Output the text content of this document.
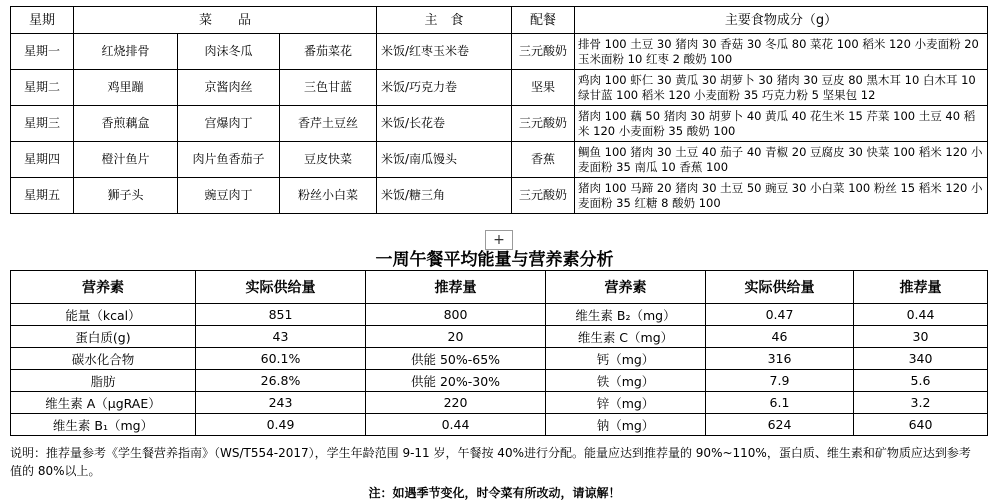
星期	菜　　品			主　食	配餐	主要食物成分（g）
星期一	红烧排骨	肉沫冬瓜	番茄菜花	米饭/红枣玉米卷	三元酸奶	排骨 100 土豆 30 猪肉 30 香菇 30 冬瓜 80 菜花 100 稻米 120 小麦面粉 20 玉米面粉 10 红枣 2 酸奶 100
星期二	鸡里蹦	京酱肉丝	三色甘蓝	米饭/巧克力卷	坚果	鸡肉 100 虾仁 30 黄瓜 30 胡萝卜 30 猪肉 30 豆皮 80 黑木耳 10 白木耳 10 绿甘蓝 100 稻米 120 小麦面粉 35 巧克力粉 5 坚果包 12
星期三	香煎藕盒	宫爆肉丁	香芹土豆丝	米饭/长花卷	三元酸奶	猪肉 100 藕 50 猪肉 30 胡萝卜 40 黄瓜 40 花生米 15 芹菜 100 土豆 40 稻米 120 小麦面粉 35 酸奶 100
星期四	橙汁鱼片	肉片鱼香茄子	豆皮快菜	米饭/南瓜馒头	香蕉	鲷鱼 100 猪肉 30 土豆 40 茄子 40 青椒 20 豆腐皮 30 快菜 100 稻米 120 小麦面粉 35 南瓜 10 香蕉 100
星期五	狮子头	豌豆肉丁	粉丝小白菜	米饭/糖三角	三元酸奶	猪肉 100 马蹄 20 猪肉 30 土豆 50 豌豆 30 小白菜 100 粉丝 15 稻米 120 小麦面粉 35 红糖 8 酸奶 100
+
一周午餐平均能量与营养素分析
营养素	实际供给量	推荐量	营养素	实际供给量	推荐量
能量（kcal）	851	800	维生素 B₂（mg）	0.47	0.44
蛋白质(g)	43	20	维生素 C（mg）	46	30
碳水化合物	60.1%	供能 50%-65%	钙（mg）	316	340
脂肪	26.8%	供能 20%-30%	铁（mg）	7.9	5.6
维生素 A（μgRAE）	243	220	锌（mg）	6.1	3.2
维生素 B₁（mg）	0.49	0.44	钠（mg）	624	640
说明：推荐量参考《学生餐营养指南》（WS/T554-2017），学生年龄范围 9-11 岁，午餐按 40%进行分配。能量应达到推荐量的 90%~110%，蛋白质、维生素和矿物质应达到参考值的 80%以上。
注：如遇季节变化，时令菜有所改动，请谅解！
